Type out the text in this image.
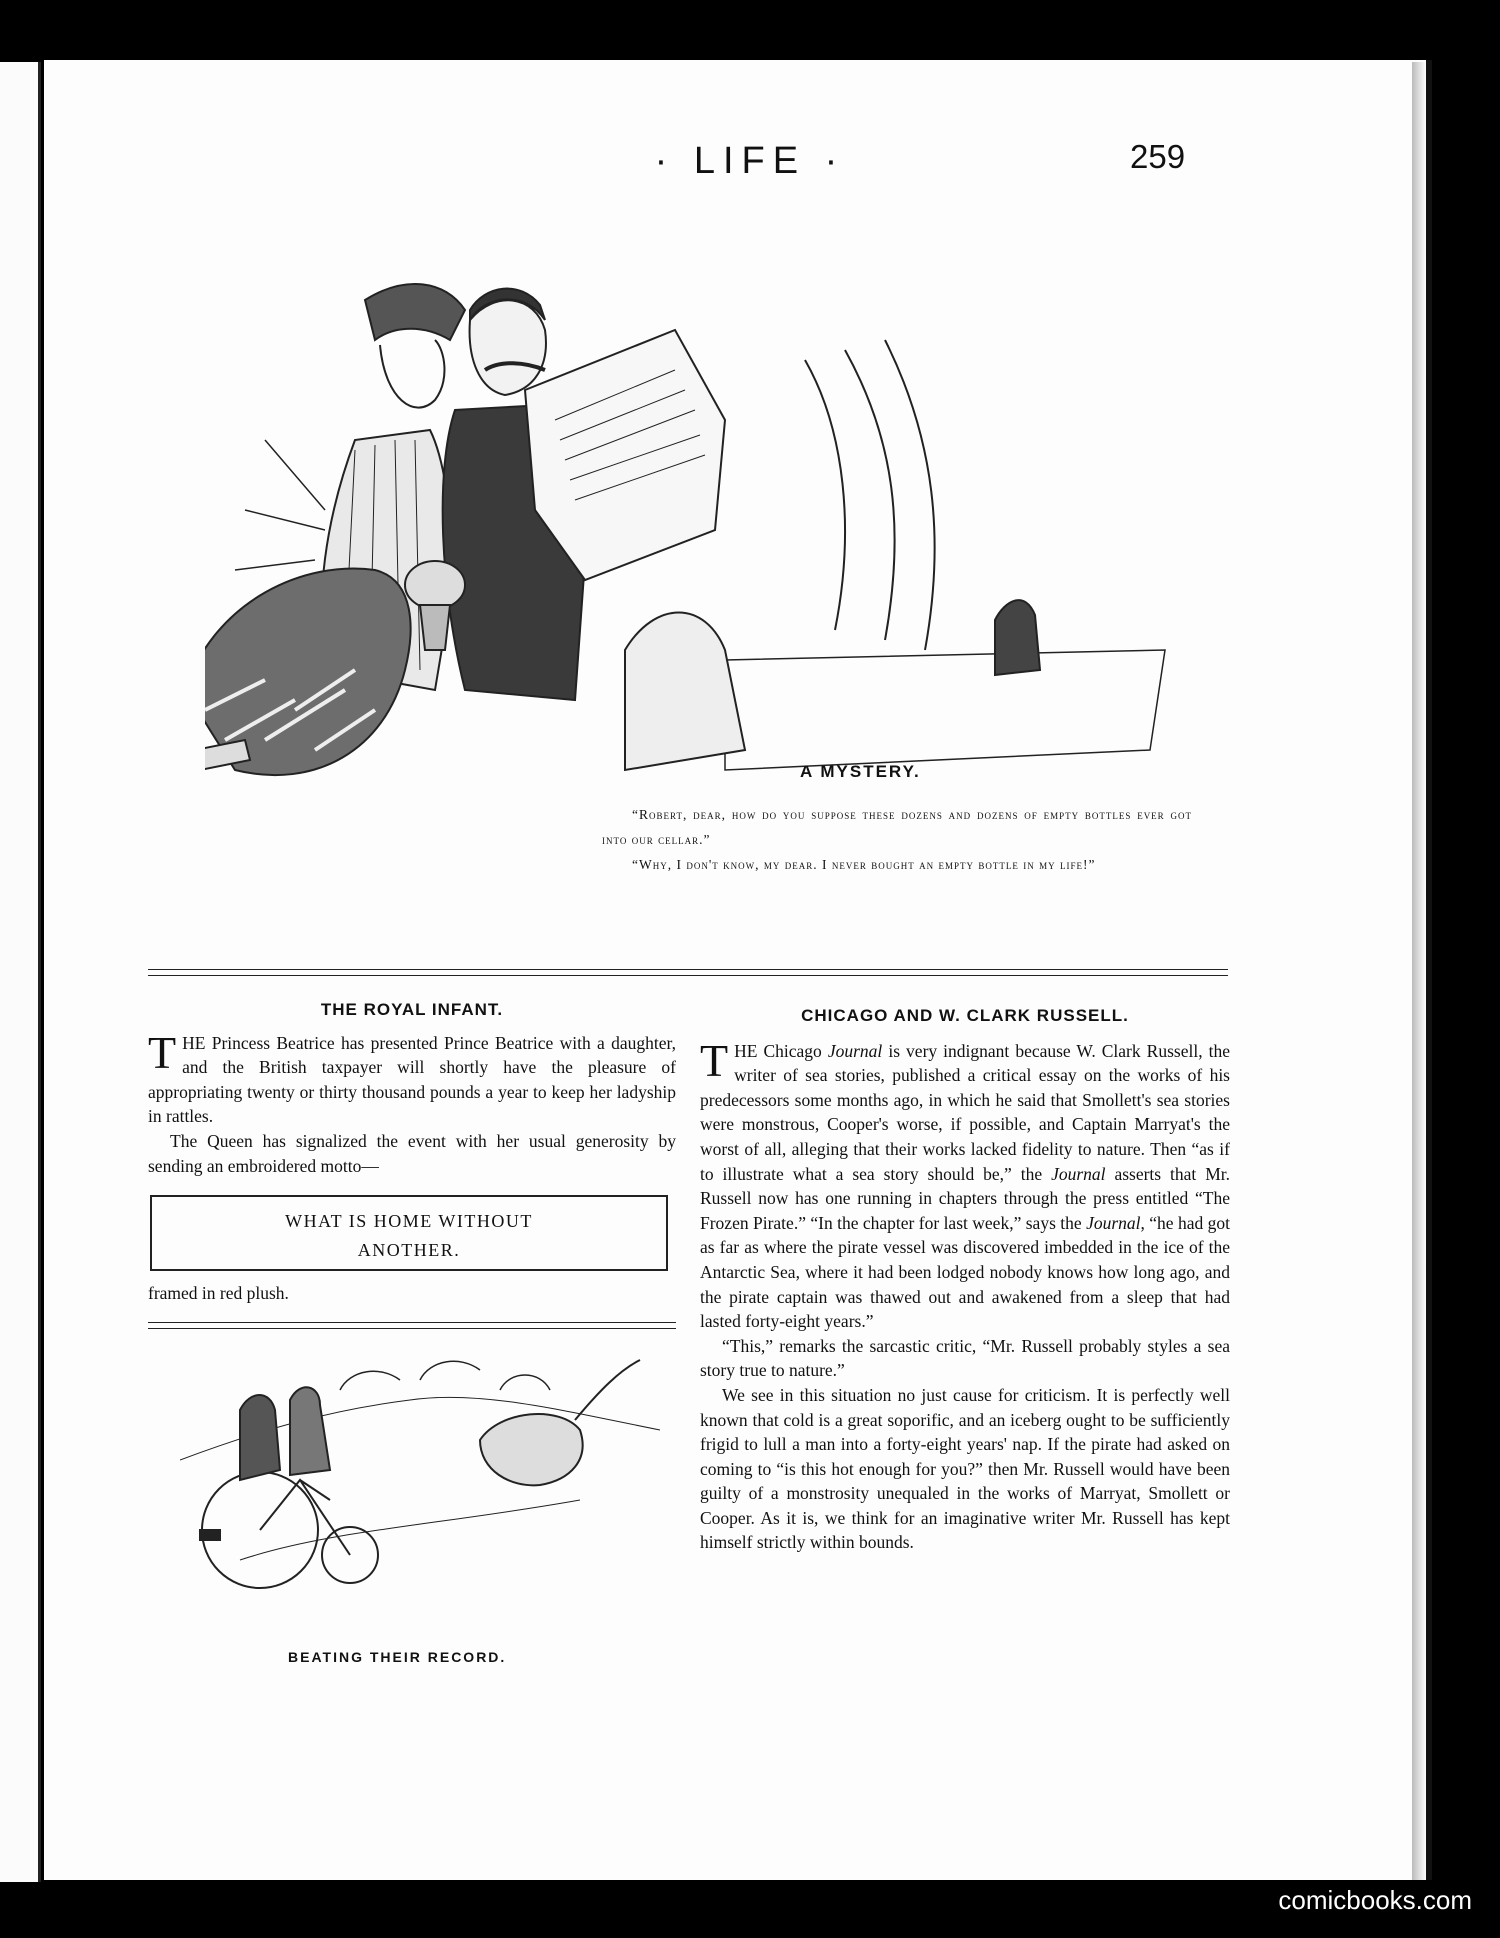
· LIFE ·	259
A MYSTERY.
“Robert, dear, how do you suppose these dozens and dozens of empty bottles ever got into our cellar.”
“Why, I don't know, my dear. I never bought an empty bottle in my life!”
THE ROYAL INFANT.

THE Princess Beatrice has presented Prince Beatrice with a daughter, and the British taxpayer will shortly have the pleasure of appropriating twenty or thirty thousand pounds a year to keep her ladyship in rattles.

The Queen has signalized the event with her usual generosity by sending an embroidered motto—

WHAT IS HOME WITHOUT
ANOTHER.
framed in red plush.
BEATING THEIR RECORD.
CHICAGO AND W. CLARK RUSSELL.

THE Chicago Journal is very indignant because W. Clark Russell, the writer of sea stories, published a critical essay on the works of his predecessors some months ago, in which he said that Smollett's sea stories were monstrous, Cooper's worse, if possible, and Captain Marryat's the worst of all, alleging that their works lacked fidelity to nature. Then “as if to illustrate what a sea story should be,” the Journal asserts that Mr. Russell now has one running in chapters through the press entitled “The Frozen Pirate.” “In the chapter for last week,” says the Journal, “he had got as far as where the pirate vessel was discovered imbedded in the ice of the Antarctic Sea, where it had been lodged nobody knows how long ago, and the pirate captain was thawed out and awakened from a sleep that had lasted forty-eight years.”

“This,” remarks the sarcastic critic, “Mr. Russell probably styles a sea story true to nature.”

We see in this situation no just cause for criticism. It is perfectly well known that cold is a great soporific, and an iceberg ought to be sufficiently frigid to lull a man into a forty-eight years' nap. If the pirate had asked on coming to “is this hot enough for you?” then Mr. Russell would have been guilty of a monstrosity unequaled in the works of Marryat, Smollett or Cooper. As it is, we think for an imaginative writer Mr. Russell has kept himself strictly within bounds.

comicbooks.com
